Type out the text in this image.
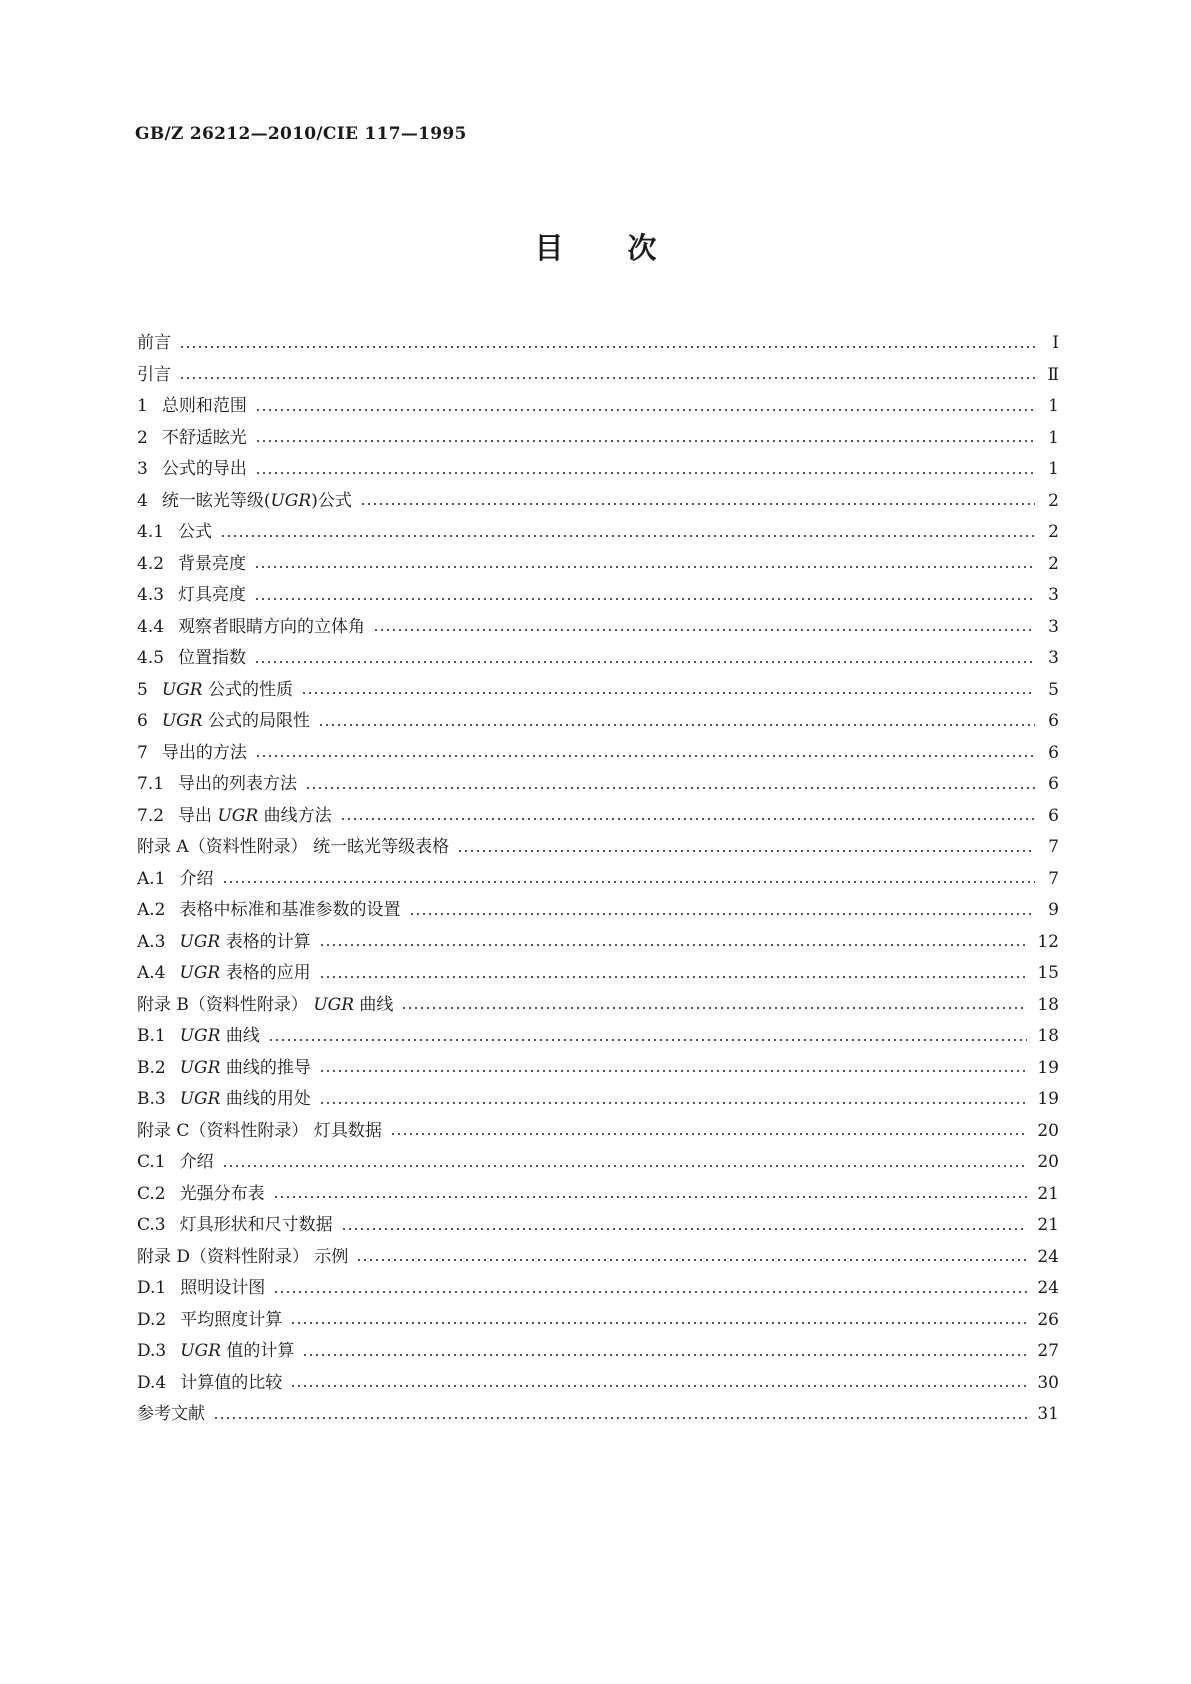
GB/Z 26212—2010/CIE 117—1995
目次
前言	Ⅰ
引言	Ⅱ
1 总则和范围	1
2 不舒适眩光	1
3 公式的导出	1
4 统一眩光等级(UGR)公式	2
4.1 公式	2
4.2 背景亮度	2
4.3 灯具亮度	3
4.4 观察者眼睛方向的立体角	3
4.5 位置指数	3
5 UGR 公式的性质	5
6 UGR 公式的局限性	6
7 导出的方法	6
7.1 导出的列表方法	6
7.2 导出 UGR 曲线方法	6
附录 A（资料性附录） 统一眩光等级表格	7
A.1 介绍	7
A.2 表格中标准和基准参数的设置	9
A.3 UGR 表格的计算	12
A.4 UGR 表格的应用	15
附录 B（资料性附录） UGR 曲线	18
B.1 UGR 曲线	18
B.2 UGR 曲线的推导	19
B.3 UGR 曲线的用处	19
附录 C（资料性附录） 灯具数据	20
C.1 介绍	20
C.2 光强分布表	21
C.3 灯具形状和尺寸数据	21
附录 D（资料性附录） 示例	24
D.1 照明设计图	24
D.2 平均照度计算	26
D.3 UGR 值的计算	27
D.4 计算值的比较	30
参考文献	31
